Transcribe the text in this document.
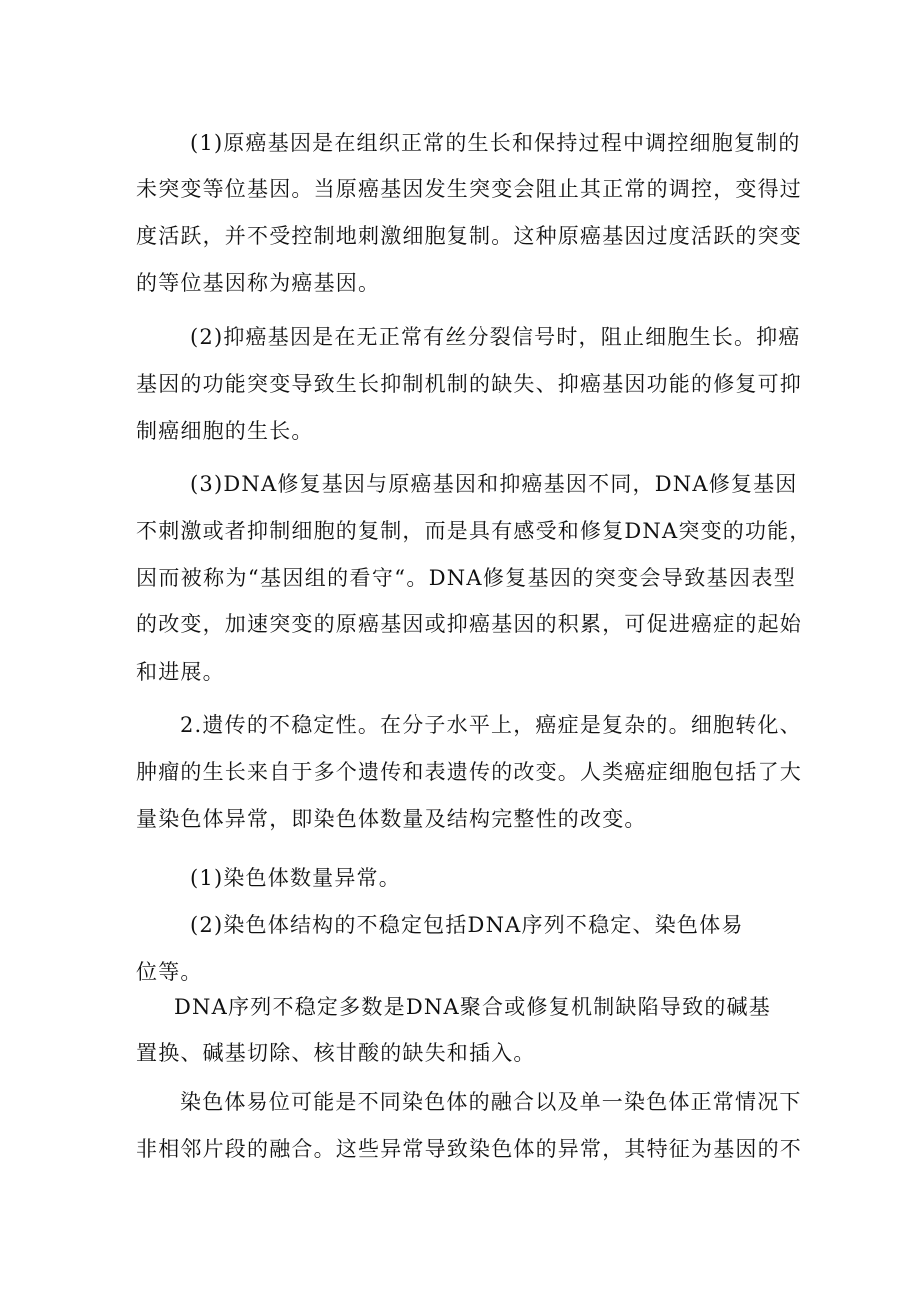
(1)原癌基因是在组织正常的生长和保持过程中调控细胞复制的
未突变等位基因。当原癌基因发生突变会阻止其正常的调控，变得过
度活跃，并不受控制地刺激细胞复制。这种原癌基因过度活跃的突变
的等位基因称为癌基因。
(2)抑癌基因是在无正常有丝分裂信号时，阻止细胞生长。抑癌
基因的功能突变导致生长抑制机制的缺失、抑癌基因功能的修复可抑
制癌细胞的生长。
(3)DNA修复基因与原癌基因和抑癌基因不同，DNA修复基因
不刺激或者抑制细胞的复制，而是具有感受和修复DNA突变的功能，
因而被称为“基因组的看守“。DNA修复基因的突变会导致基因表型
的改变，加速突变的原癌基因或抑癌基因的积累，可促进癌症的起始
和进展。
2.遗传的不稳定性。在分子水平上，癌症是复杂的。细胞转化、
肿瘤的生长来自于多个遗传和表遗传的改变。人类癌症细胞包括了大
量染色体异常，即染色体数量及结构完整性的改变。
(1)染色体数量异常。
(2)染色体结构的不稳定包括DNA序列不稳定、染色体易
位等。
DNA序列不稳定多数是DNA聚合或修复机制缺陷导致的碱基
置换、碱基切除、核甘酸的缺失和插入。
染色体易位可能是不同染色体的融合以及单一染色体正常情况下
非相邻片段的融合。这些异常导致染色体的异常，其特征为基因的不
